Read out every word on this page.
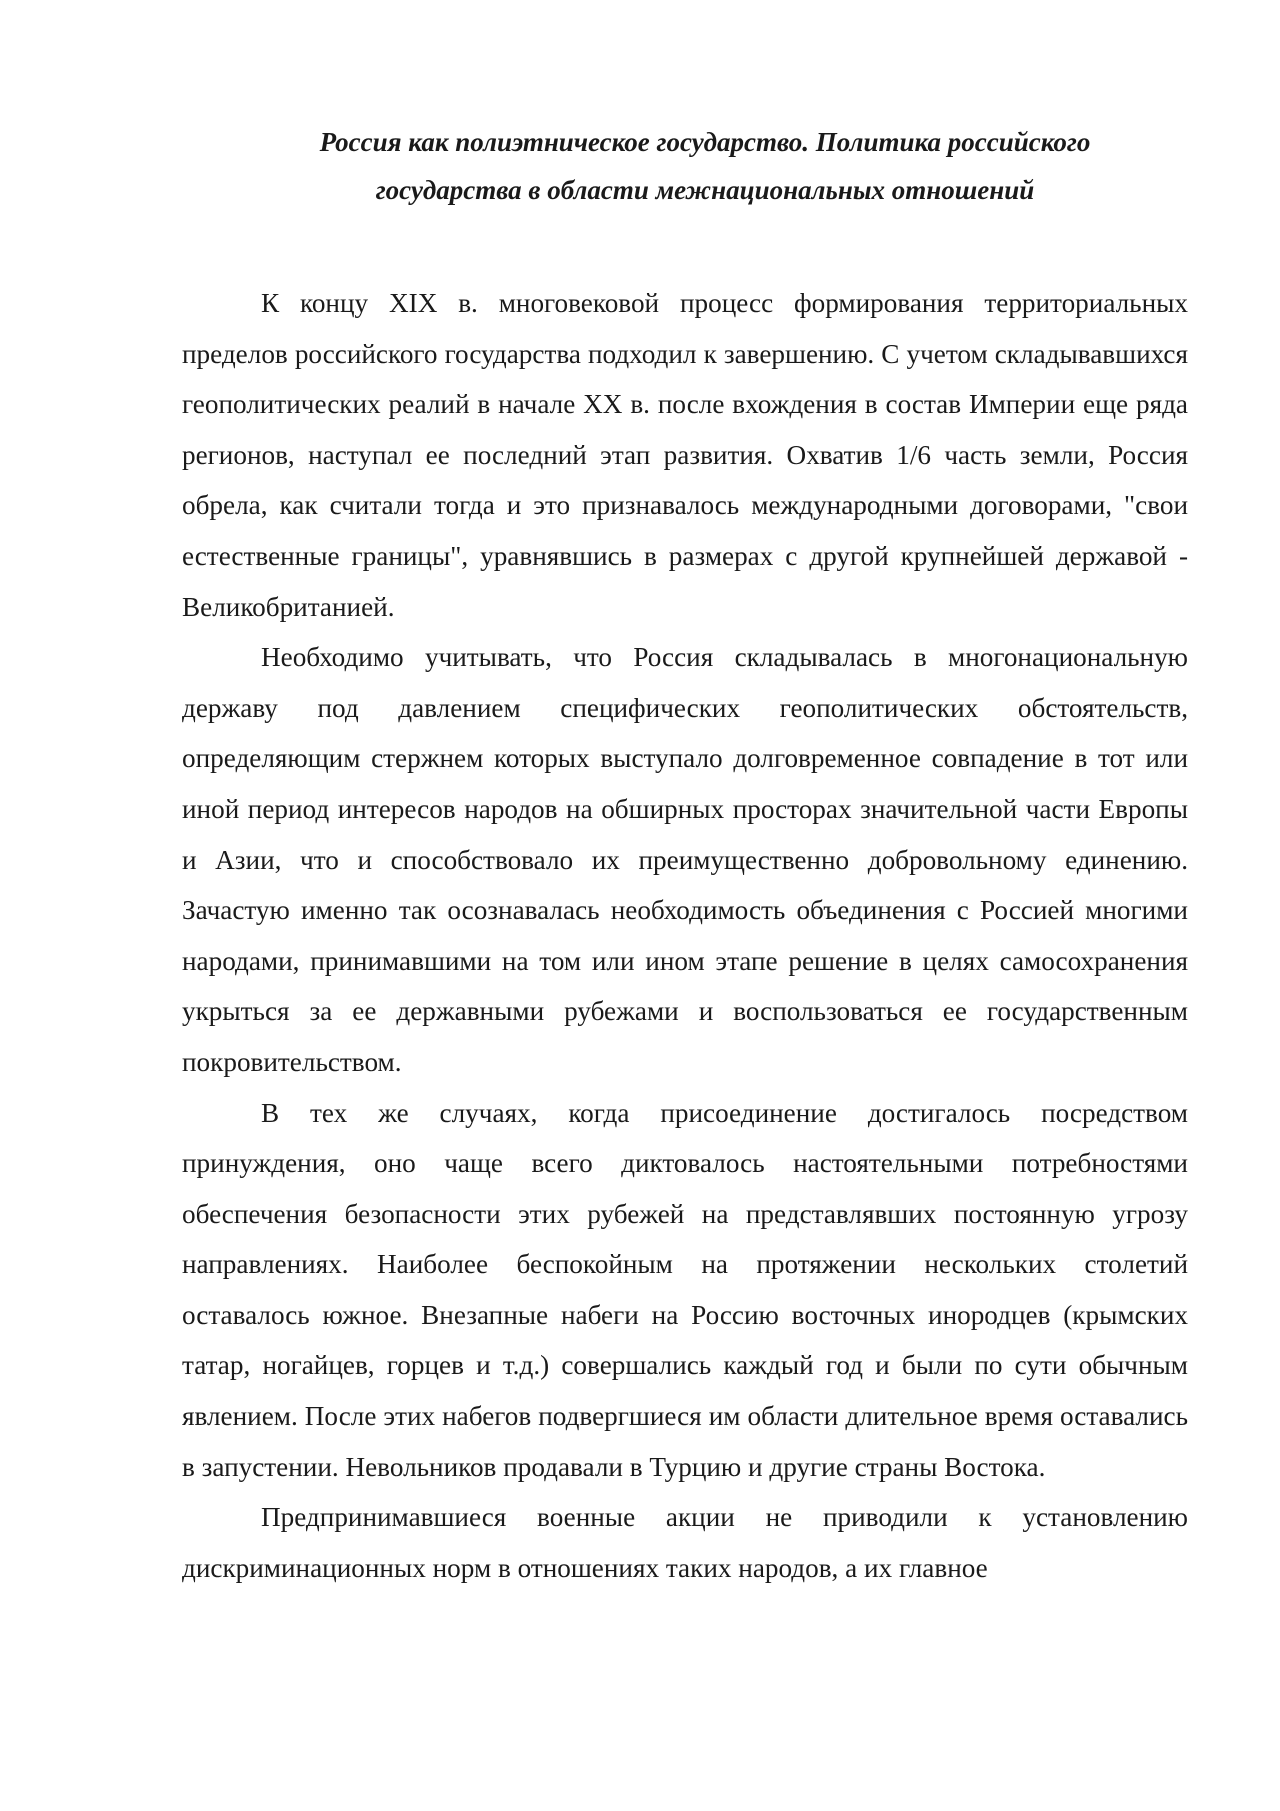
Россия как полиэтническое государство. Политика российского
государства в области межнациональных отношений

К концу XIX в. многовековой процесс формирования территориальных пределов российского государства подходил к завершению. С учетом складывавшихся геополитических реалий в начале XX в. после вхождения в состав Империи еще ряда регионов, наступал ее последний этап развития. Охватив 1/6 часть земли, Россия обрела, как считали тогда и это признавалось международными договорами, "свои естественные границы", уравнявшись в размерах с другой крупнейшей державой - Великобританией.

Необходимо учитывать, что Россия складывалась в многонациональную державу под давлением специфических геополитических обстоятельств, определяющим стержнем которых выступало долговременное совпадение в тот или иной период интересов народов на обширных просторах значительной части Европы и Азии, что и способствовало их преимущественно добровольному единению. Зачастую именно так осознавалась необходимость объединения с Россией многими народами, принимавшими на том или ином этапе решение в целях самосохранения укрыться за ее державными рубежами и воспользоваться ее государственным покровительством.

В тех же случаях, когда присоединение достигалось посредством принуждения, оно чаще всего диктовалось настоятельными потребностями обеспечения безопасности этих рубежей на представлявших постоянную угрозу направлениях. Наиболее беспокойным на протяжении нескольких столетий оставалось южное. Внезапные набеги на Россию восточных инородцев (крымских татар, ногайцев, горцев и т.д.) совершались каждый год и были по сути обычным явлением. После этих набегов подвергшиеся им области длительное время оставались в запустении. Невольников продавали в Турцию и другие страны Востока.

Предпринимавшиеся военные акции не приводили к установлению дискриминационных норм в отношениях таких народов, а их главное
